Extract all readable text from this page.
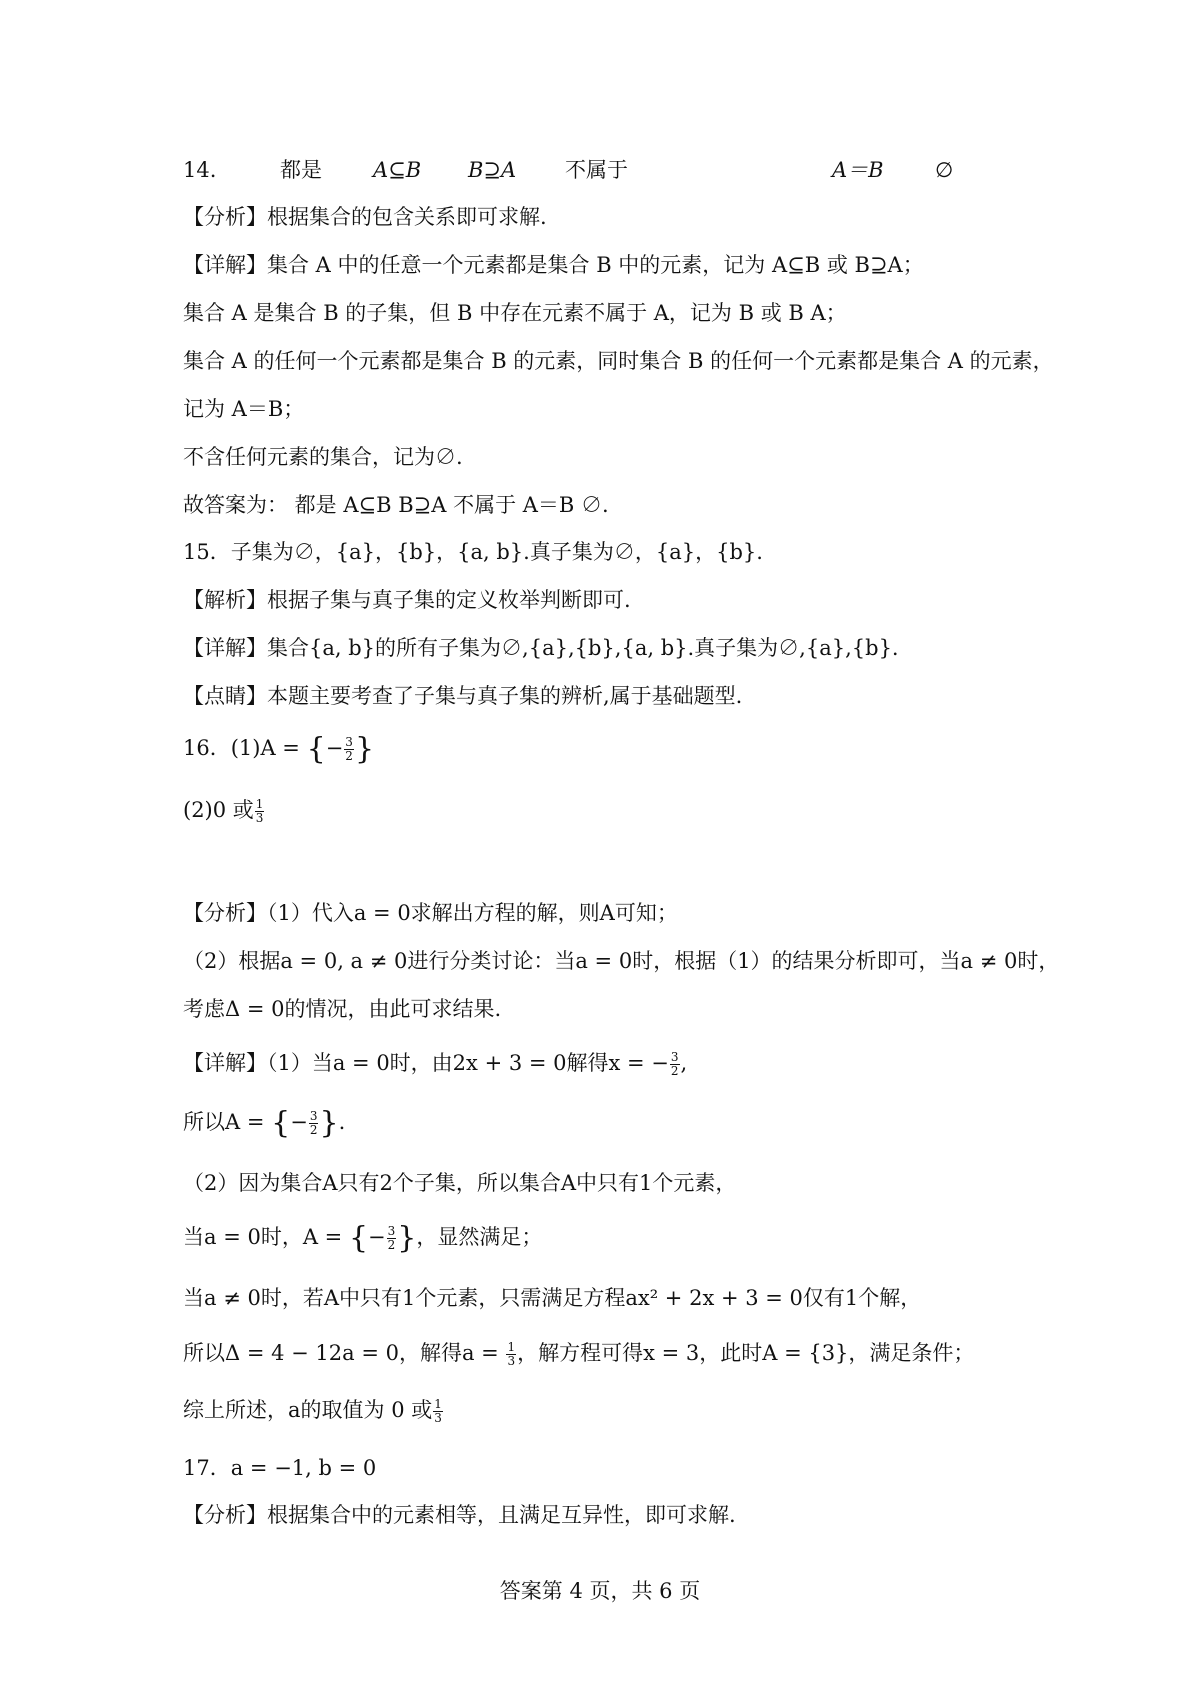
14.	都是 A⊆B B⊇A 不属于	A＝B ∅
【分析】根据集合的包含关系即可求解.
【详解】集合 A 中的任意一个元素都是集合 B 中的元素，记为 A⊆B 或 B⊇A；
集合 A 是集合 B 的子集，但 B 中存在元素不属于 A，记为 B 或 B A；
集合 A 的任何一个元素都是集合 B 的元素，同时集合 B 的任何一个元素都是集合 A 的元素，
记为 A＝B；
不含任何元素的集合，记为∅.
故答案为： 都是 A⊆B B⊇A 不属于 A＝B ∅.
15．子集为∅，{a}，{b}，{a, b}.真子集为∅，{a}，{b}.
【解析】根据子集与真子集的定义枚举判断即可.
【详解】集合{a, b}的所有子集为∅,{a},{b},{a, b}.真子集为∅,{a},{b}.
【点睛】本题主要考查了子集与真子集的辨析,属于基础题型.
16．(1)A = {− $\frac{3}{2}$ }
(2)0 或 $\frac{1}{3}$
【分析】（1）代入a = 0求解出方程的解，则A可知；
（2）根据a = 0, a ≠ 0进行分类讨论：当a = 0时，根据（1）的结果分析即可，当a ≠ 0时，
考虑Δ = 0的情况，由此可求结果.
【详解】（1）当a = 0时，由2x + 3 = 0解得x = − $\frac{3}{2}$ ,
所以A = {− $\frac{3}{2}$ }.
（2）因为集合A只有2个子集，所以集合A中只有1个元素，
当a = 0时，A = {− $\frac{3}{2}$ }，显然满足；
当a ≠ 0时，若A中只有1个元素，只需满足方程ax² + 2x + 3 = 0仅有1个解，
所以Δ = 4 − 12a = 0，解得$a = \frac{1}{3}$ ，解方程可得x = 3，此时A = {3}，满足条件；
综上所述，a的取值为 0 或 $\frac{1}{3}$
17．a = −1, b = 0
【分析】根据集合中的元素相等，且满足互异性，即可求解.
答案第 4 页，共 6 页
